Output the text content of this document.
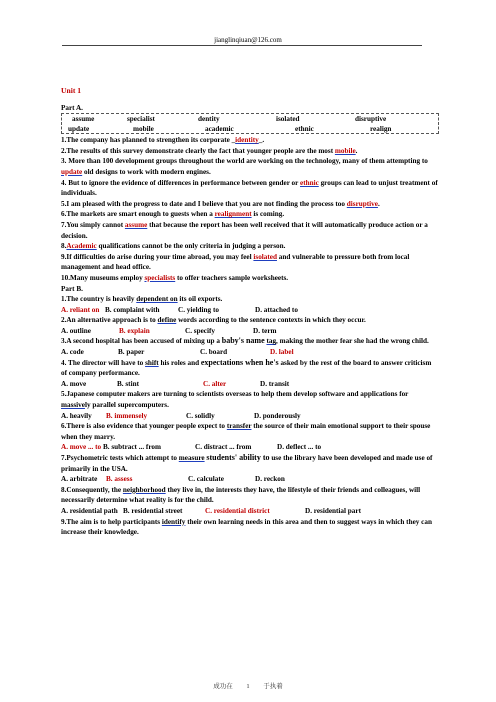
jianglinqiuan@126.com
Unit 1
Part A.
assume	specialist	dentity	isolated	disruptive
update	mobile	academic	ethnic	realign
1.The company has planned to strengthen its corporate _identity_.
2.The results of this survey demonstrate clearly the fact that younger people are the most mobile.
3. More than 100 development groups throughout the world are working on the technology, many of them attempting to update old designs to work with modern engines.
4. But to ignore the evidence of differences in performance between gender or ethnic groups can lead to unjust treatment of individuals.
5.I am pleased with the progress to date and I believe that you are not finding the process too disruptive.
6.The markets are smart enough to guests when a realignment is coming.
7.You simply cannot assume that because the report has been well received that it will automatically produce action or a decision.
8.Academic qualifications cannot be the only criteria in judging a person.
9.If difficulties do arise during your time abroad, you may feel isolated and vulnerable to pressure both from local management and head office.
10.Many museums employ specialists to offer teachers sample worksheets.
Part B.
1.The country is heavily dependent on its oil exports.
A. reliant on B. complaint with	C. yielding to	D. attached to
2.An alternative approach is to define words according to the sentence contexts in which they occur.
A. outline	B. explain	C. specify	D. term
3.A second hospital has been accused of mixing up a baby's name tag, making the mother fear she had the wrong child.
A. code	B. paper	C. board	D. label
4. The director will have to shift his roles and expectations when he's asked by the rest of the board to answer criticism of company performance.
A. move	B. stint	C. alter	D. transit
5.Japanese computer makers are turning to scientists overseas to help them develop software and applications for massively parallel supercomputers.
A. heavily	B. immensely	C. solidly	D. ponderously
6.There is also evidence that younger people expect to transfer the source of their main emotional support to their spouse when they marry.
A. move ... to B. subtract ... from	C. distract ... from	D. deflect ... to
7.Psychometric tests which attempt to measure students' ability to use the library have been developed and made use of primarily in the USA.
A. arbitrate	B. assess	C. calculate	D. reckon
8.Consequently, the neighborhood they live in, the interests they have, the lifestyle of their friends and colleagues, will necessarily determine what reality is for the child.
A. residential path B. residential street	C. residential district	D. residential part
9.The aim is to help participants identify their own learning needs in this area and then to suggest ways in which they can increase their knowledge.
成功在 1 于执着
